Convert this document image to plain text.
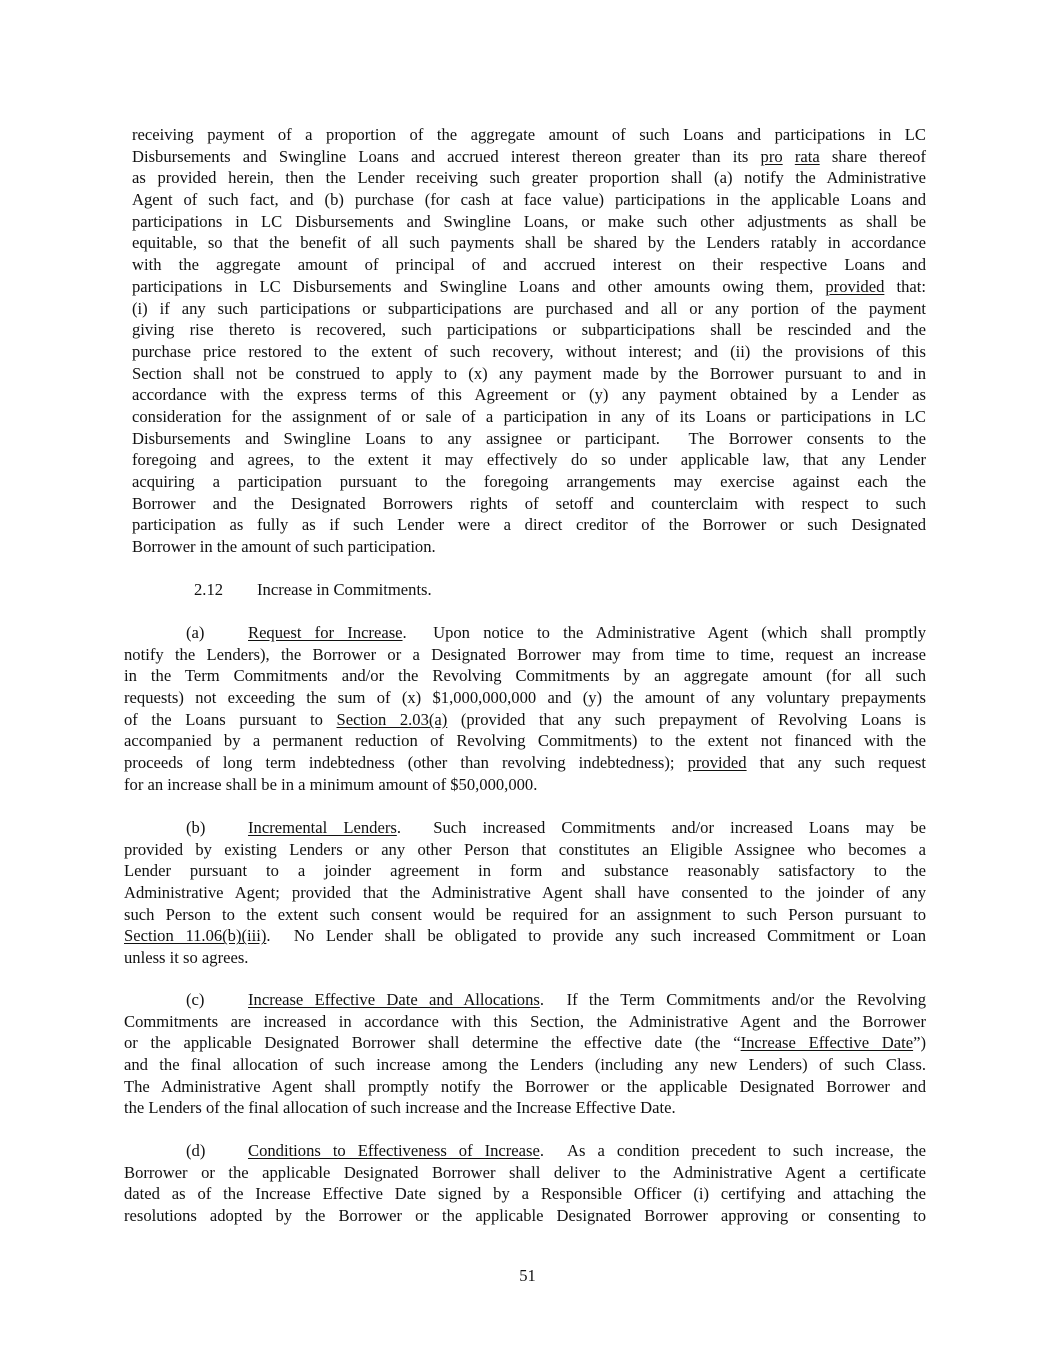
receiving payment of a proportion of the aggregate amount of such Loans and participations in LC
Disbursements and Swingline Loans and accrued interest thereon greater than its pro rata share thereof
as provided herein, then the Lender receiving such greater proportion shall (a) notify the Administrative
Agent of such fact, and (b) purchase (for cash at face value) participations in the applicable Loans and
participations in LC Disbursements and Swingline Loans, or make such other adjustments as shall be
equitable, so that the benefit of all such payments shall be shared by the Lenders ratably in accordance
with the aggregate amount of principal of and accrued interest on their respective Loans and
participations in LC Disbursements and Swingline Loans and other amounts owing them, provided that:
(i) if any such participations or subparticipations are purchased and all or any portion of the payment
giving rise thereto is recovered, such participations or subparticipations shall be rescinded and the
purchase price restored to the extent of such recovery, without interest; and (ii) the provisions of this
Section shall not be construed to apply to (x) any payment made by the Borrower pursuant to and in
accordance with the express terms of this Agreement or (y) any payment obtained by a Lender as
consideration for the assignment of or sale of a participation in any of its Loans or participations in LC
Disbursements and Swingline Loans to any assignee or participant.  The Borrower consents to the
foregoing and agrees, to the extent it may effectively do so under applicable law, that any Lender
acquiring a participation pursuant to the foregoing arrangements may exercise against each the
Borrower and the Designated Borrowers rights of setoff and counterclaim with respect to such
participation as fully as if such Lender were a direct creditor of the Borrower or such Designated
Borrower in the amount of such participation.
2.12 Increase in Commitments.
(a)	Request for Increase.  Upon notice to the Administrative Agent (which shall promptly
notify the Lenders), the Borrower or a Designated Borrower may from time to time, request an increase
in the Term Commitments and/or the Revolving Commitments by an aggregate amount (for all such
requests) not exceeding the sum of (x) $1,000,000,000 and (y) the amount of any voluntary prepayments
of the Loans pursuant to Section 2.03(a) (provided that any such prepayment of Revolving Loans is
accompanied by a permanent reduction of Revolving Commitments) to the extent not financed with the
proceeds of long term indebtedness (other than revolving indebtedness); provided that any such request
for an increase shall be in a minimum amount of $50,000,000.
(b)	Incremental Lenders.  Such increased Commitments and/or increased Loans may be
provided by existing Lenders or any other Person that constitutes an Eligible Assignee who becomes a
Lender pursuant to a joinder agreement in form and substance reasonably satisfactory to the
Administrative Agent; provided that the Administrative Agent shall have consented to the joinder of any
such Person to the extent such consent would be required for an assignment to such Person pursuant to
Section 11.06(b)(iii).  No Lender shall be obligated to provide any such increased Commitment or Loan
unless it so agrees.
(c)	Increase Effective Date and Allocations.  If the Term Commitments and/or the Revolving
Commitments are increased in accordance with this Section, the Administrative Agent and the Borrower
or the applicable Designated Borrower shall determine the effective date (the “Increase Effective Date”)
and the final allocation of such increase among the Lenders (including any new Lenders) of such Class.
The Administrative Agent shall promptly notify the Borrower or the applicable Designated Borrower and
the Lenders of the final allocation of such increase and the Increase Effective Date.
(d)	Conditions to Effectiveness of Increase.  As a condition precedent to such increase, the
Borrower or the applicable Designated Borrower shall deliver to the Administrative Agent a certificate
dated as of the Increase Effective Date signed by a Responsible Officer (i) certifying and attaching the
resolutions adopted by the Borrower or the applicable Designated Borrower approving or consenting to
51
